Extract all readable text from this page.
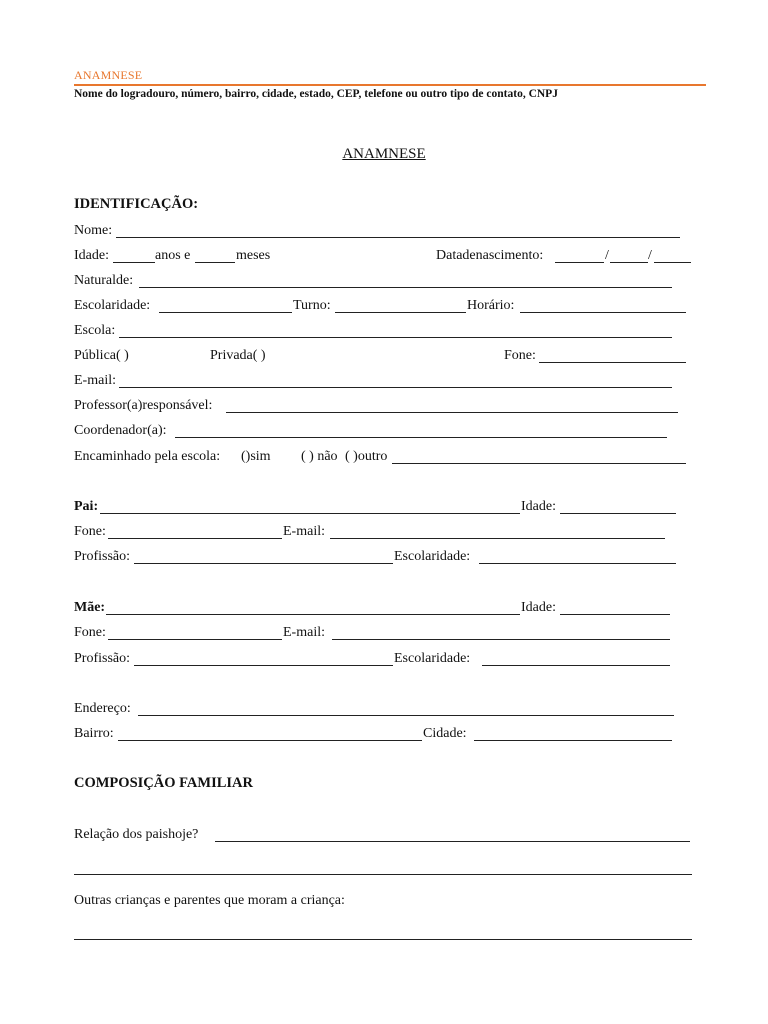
ANAMNESE
Nome do logradouro, número, bairro, cidade, estado, CEP, telefone ou outro tipo de contato, CNPJ
ANAMNESE
IDENTIFICAÇÃO:
Nome:
Idade:	anos e	meses	Datadenascimento:	/	/
Naturalde:
Escolaridade:	Turno:	Horário:
Escola:
Pública( )	Privada( )	Fone:
E-mail:
Professor(a)responsável:
Coordenador(a):
Encaminhado pela escola: ()sim ( ) não ( )outro
Pai:	Idade:
Fone:	E-mail:
Profissão:	Escolaridade:
Mãe:	Idade:
Fone:	E-mail:
Profissão:	Escolaridade:
Endereço:
Bairro:	Cidade:
COMPOSIÇÃO FAMILIAR
Relação dos paishoje?
Outras crianças e parentes que moram a criança:
